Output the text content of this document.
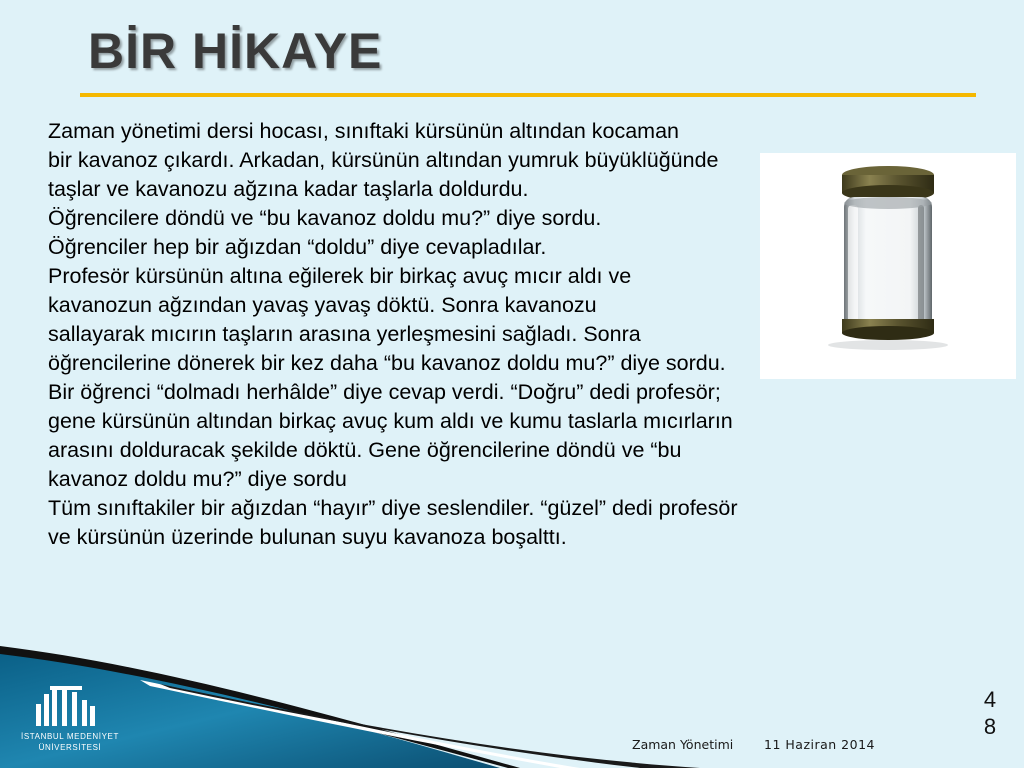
BİR HİKAYE
Zaman yönetimi dersi hocası, sınıftaki kürsünün altından kocaman
bir kavanoz çıkardı. Arkadan, kürsünün altından yumruk büyüklüğünde
taşlar ve kavanozu ağzına kadar taşlarla doldurdu.
Öğrencilere döndü ve “bu kavanoz doldu mu?” diye sordu.
Öğrenciler hep bir ağızdan “doldu” diye cevapladılar.
Profesör kürsünün altına eğilerek bir birkaç avuç mıcır aldı ve
kavanozun ağzından yavaş yavaş döktü. Sonra kavanozu
sallayarak mıcırın taşların arasına yerleşmesini sağladı. Sonra
öğrencilerine dönerek bir kez daha “bu kavanoz doldu mu?” diye sordu.
Bir öğrenci “dolmadı herhâlde” diye cevap verdi. “Doğru” dedi profesör;
gene kürsünün altından birkaç avuç kum aldı ve kumu taslarla mıcırların
arasını dolduracak şekilde döktü. Gene öğrencilerine döndü ve “bu
kavanoz doldu mu?” diye sordu
Tüm sınıftakiler bir ağızdan “hayır” diye seslendiler. “güzel” dedi profesör
ve kürsünün üzerinde bulunan suyu kavanoza boşalttı.
İSTANBUL MEDENİYET
ÜNİVERSİTESİ	Zaman Yönetimi 11 Haziran 2014
48
